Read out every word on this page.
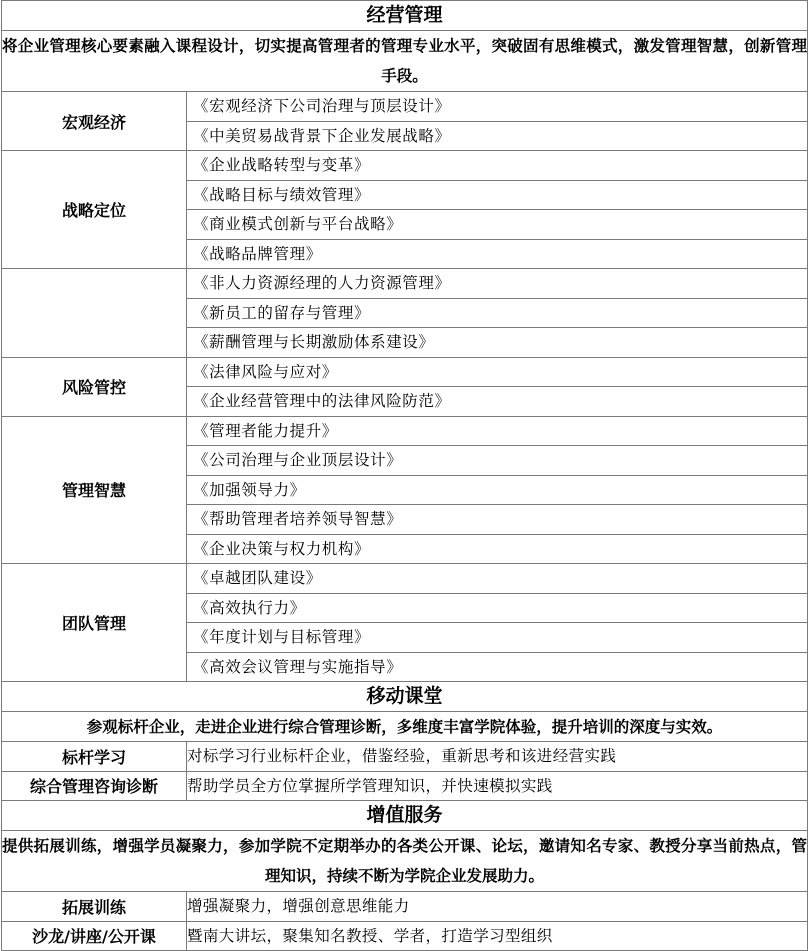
经营管理	
将企业管理核心要素融入课程设计，切实提高管理者的管理专业水平，突破固有思维模式，激发管理智慧，创新管理手段。	
宏观经济	《宏观经济下公司治理与顶层设计》
	《中美贸易战背景下企业发展战略》
战略定位	《企业战略转型与变革》
	《战略目标与绩效管理》
	《商业模式创新与平台战略》
	《战略品牌管理》
	《非人力资源经理的人力资源管理》
	《新员工的留存与管理》
	《薪酬管理与长期激励体系建设》
风险管控	《法律风险与应对》
	《企业经营管理中的法律风险防范》
管理智慧	《管理者能力提升》
	《公司治理与企业顶层设计》
	《加强领导力》
	《帮助管理者培养领导智慧》
	《企业决策与权力机构》
团队管理	《卓越团队建设》
	《高效执行力》
	《年度计划与目标管理》
	《高效会议管理与实施指导》
移动课堂	
参观标杆企业，走进企业进行综合管理诊断，多维度丰富学院体验，提升培训的深度与实效。	
标杆学习	对标学习行业标杆企业，借鉴经验，重新思考和该进经营实践
综合管理咨询诊断	帮助学员全方位掌握所学管理知识，并快速模拟实践
增值服务	
提供拓展训练，增强学员凝聚力，参加学院不定期举办的各类公开课、论坛，邀请知名专家、教授分享当前热点，管理知识，持续不断为学院企业发展助力。	
拓展训练	增强凝聚力，增强创意思维能力
沙龙/讲座/公开课	暨南大讲坛，聚集知名教授、学者，打造学习型组织
